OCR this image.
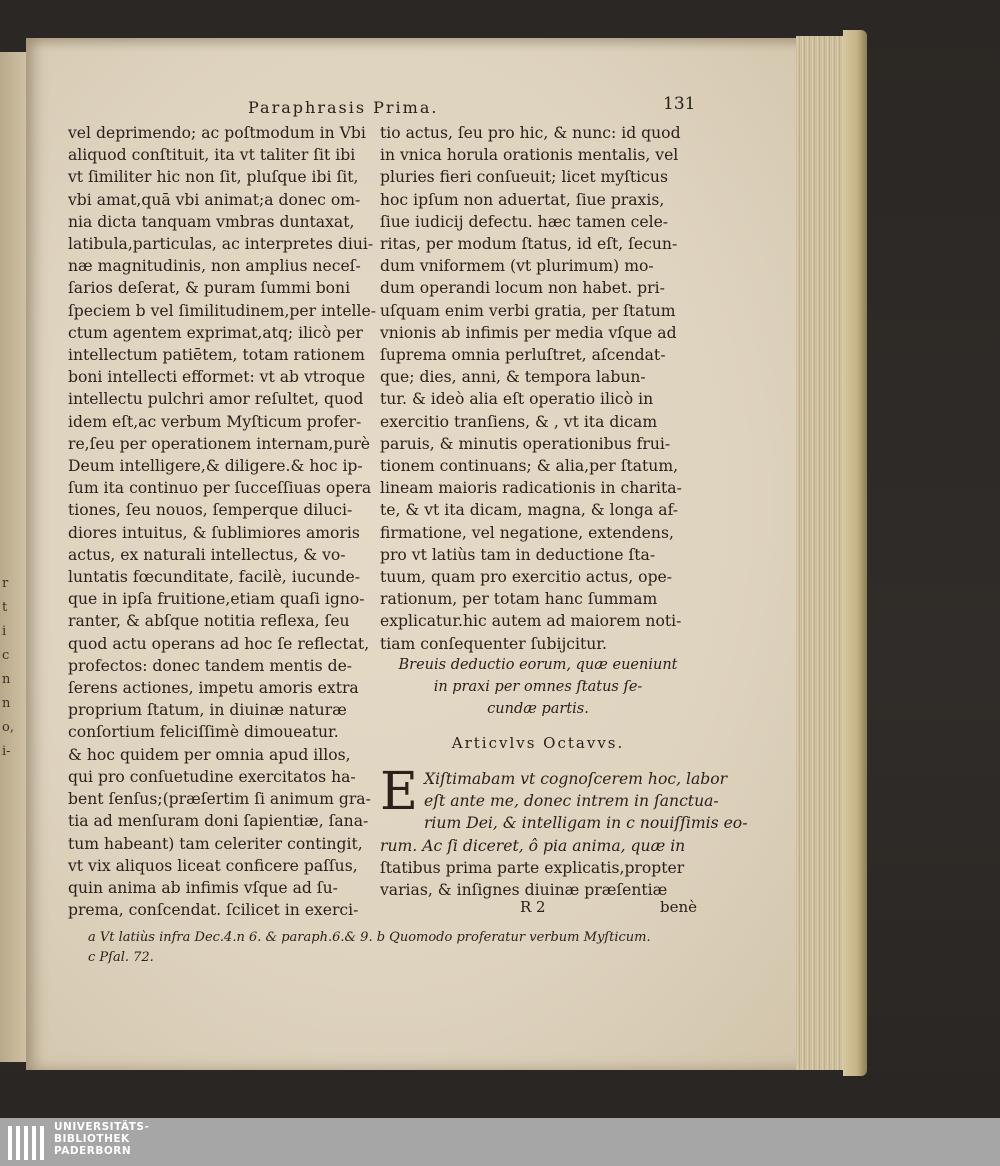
r
t
i
c
n
n
o,
i-
Paraphrasis Prima.	131
vel deprimendo; ac poſtmodum in Vbi
aliquod conſtituit, ita vt taliter ſit ibi
vt ſimiliter hic non ſit, pluſque ibi ſit,
vbi amat,quā vbi animat;a donec om-
nia dicta tanquam vmbras duntaxat,
latibula,particulas, ac interpretes diui-
næ magnitudinis, non amplius neceſ-
ſarios deſerat, & puram ſummi boni
ſpeciem b vel ſimilitudinem,per intelle-
ctum agentem exprimat,atq; ilicò per
intellectum patiētem, totam rationem
boni intellecti efformet: vt ab vtroque
intellectu pulchri amor reſultet, quod
idem eſt,ac verbum Myſticum profer-
re,ſeu per operationem internam,purè
Deum intelligere,& diligere.& hoc ip-
ſum ita continuo per ſucceſſiuas opera
tiones, ſeu nouos, ſemperque diluci-
diores intuitus, & ſublimiores amoris
actus, ex naturali intellectus, & vo-
luntatis fœcunditate, facilè, iucunde-
que in ipſa fruitione,etiam quaſi igno-
ranter, & abſque notitia reflexa, ſeu
quod actu operans ad hoc ſe reflectat,
profectos: donec tandem mentis de-
ſerens actiones, impetu amoris extra
proprium ſtatum, in diuinæ naturæ
conſortium feliciſſimè dimoueatur.
& hoc quidem per omnia apud illos,
qui pro conſuetudine exercitatos ha-
bent ſenſus;(præſertim ſi animum gra-
tia ad menſuram doni ſapientiæ, ſana-
tum habeant) tam celeriter contingit,
vt vix aliquos liceat conficere paſſus,
quin anima ab infimis vſque ad ſu-
prema, conſcendat. ſcilicet in exerci-
tio actus, ſeu pro hic, & nunc: id quod
in vnica horula orationis mentalis, vel
pluries fieri conſueuit; licet myſticus
hoc ipſum non aduertat, ſiue praxis,
ſiue iudicij defectu. hæc tamen cele-
ritas, per modum ſtatus, id eſt, ſecun-
dum vniformem (vt plurimum) mo-
dum operandi locum non habet. pri-
uſquam enim verbi gratia, per ſtatum
vnionis ab infimis per media vſque ad
ſuprema omnia perluſtret, aſcendat-
que; dies, anni, & tempora labun-
tur. & ideò alia eſt operatio ilicò in
exercitio tranſiens, & , vt ita dicam
paruis, & minutis operationibus frui-
tionem continuans; & alia,per ſtatum,
lineam maioris radicationis in charita-
te, & vt ita dicam, magna, & longa af-
firmatione, vel negatione, extendens,
pro vt latiùs tam in deductione ſta-
tuum, quam pro exercitio actus, ope-
rationum, per totam hanc ſummam
explicatur.hic autem ad maiorem noti-
tiam conſequenter ſubijcitur.
Breuis deductio eorum, quæ eueniunt
in praxi per omnes ſtatus ſe-
cundæ partis.
Articvlvs Octavvs.
E Xiſtimabam vt cognoſcerem hoc, labor
eſt ante me, donec intrem in ſanctua-
rium Dei, & intelligam in c nouiſſimis eo-
rum. Ac ſi diceret, ô pia anima, quæ in
ſtatibus prima parte explicatis,propter
varias, & inſignes diuinæ præſentiæ
R 2	benè
a Vt latiùs infra Dec.4.n 6. & paraph.6.& 9. b Quomodo proferatur verbum Myſticum.
c Pſal. 72.
UNIVERSITÄTS-
BIBLIOTHEK
PADERBORN
